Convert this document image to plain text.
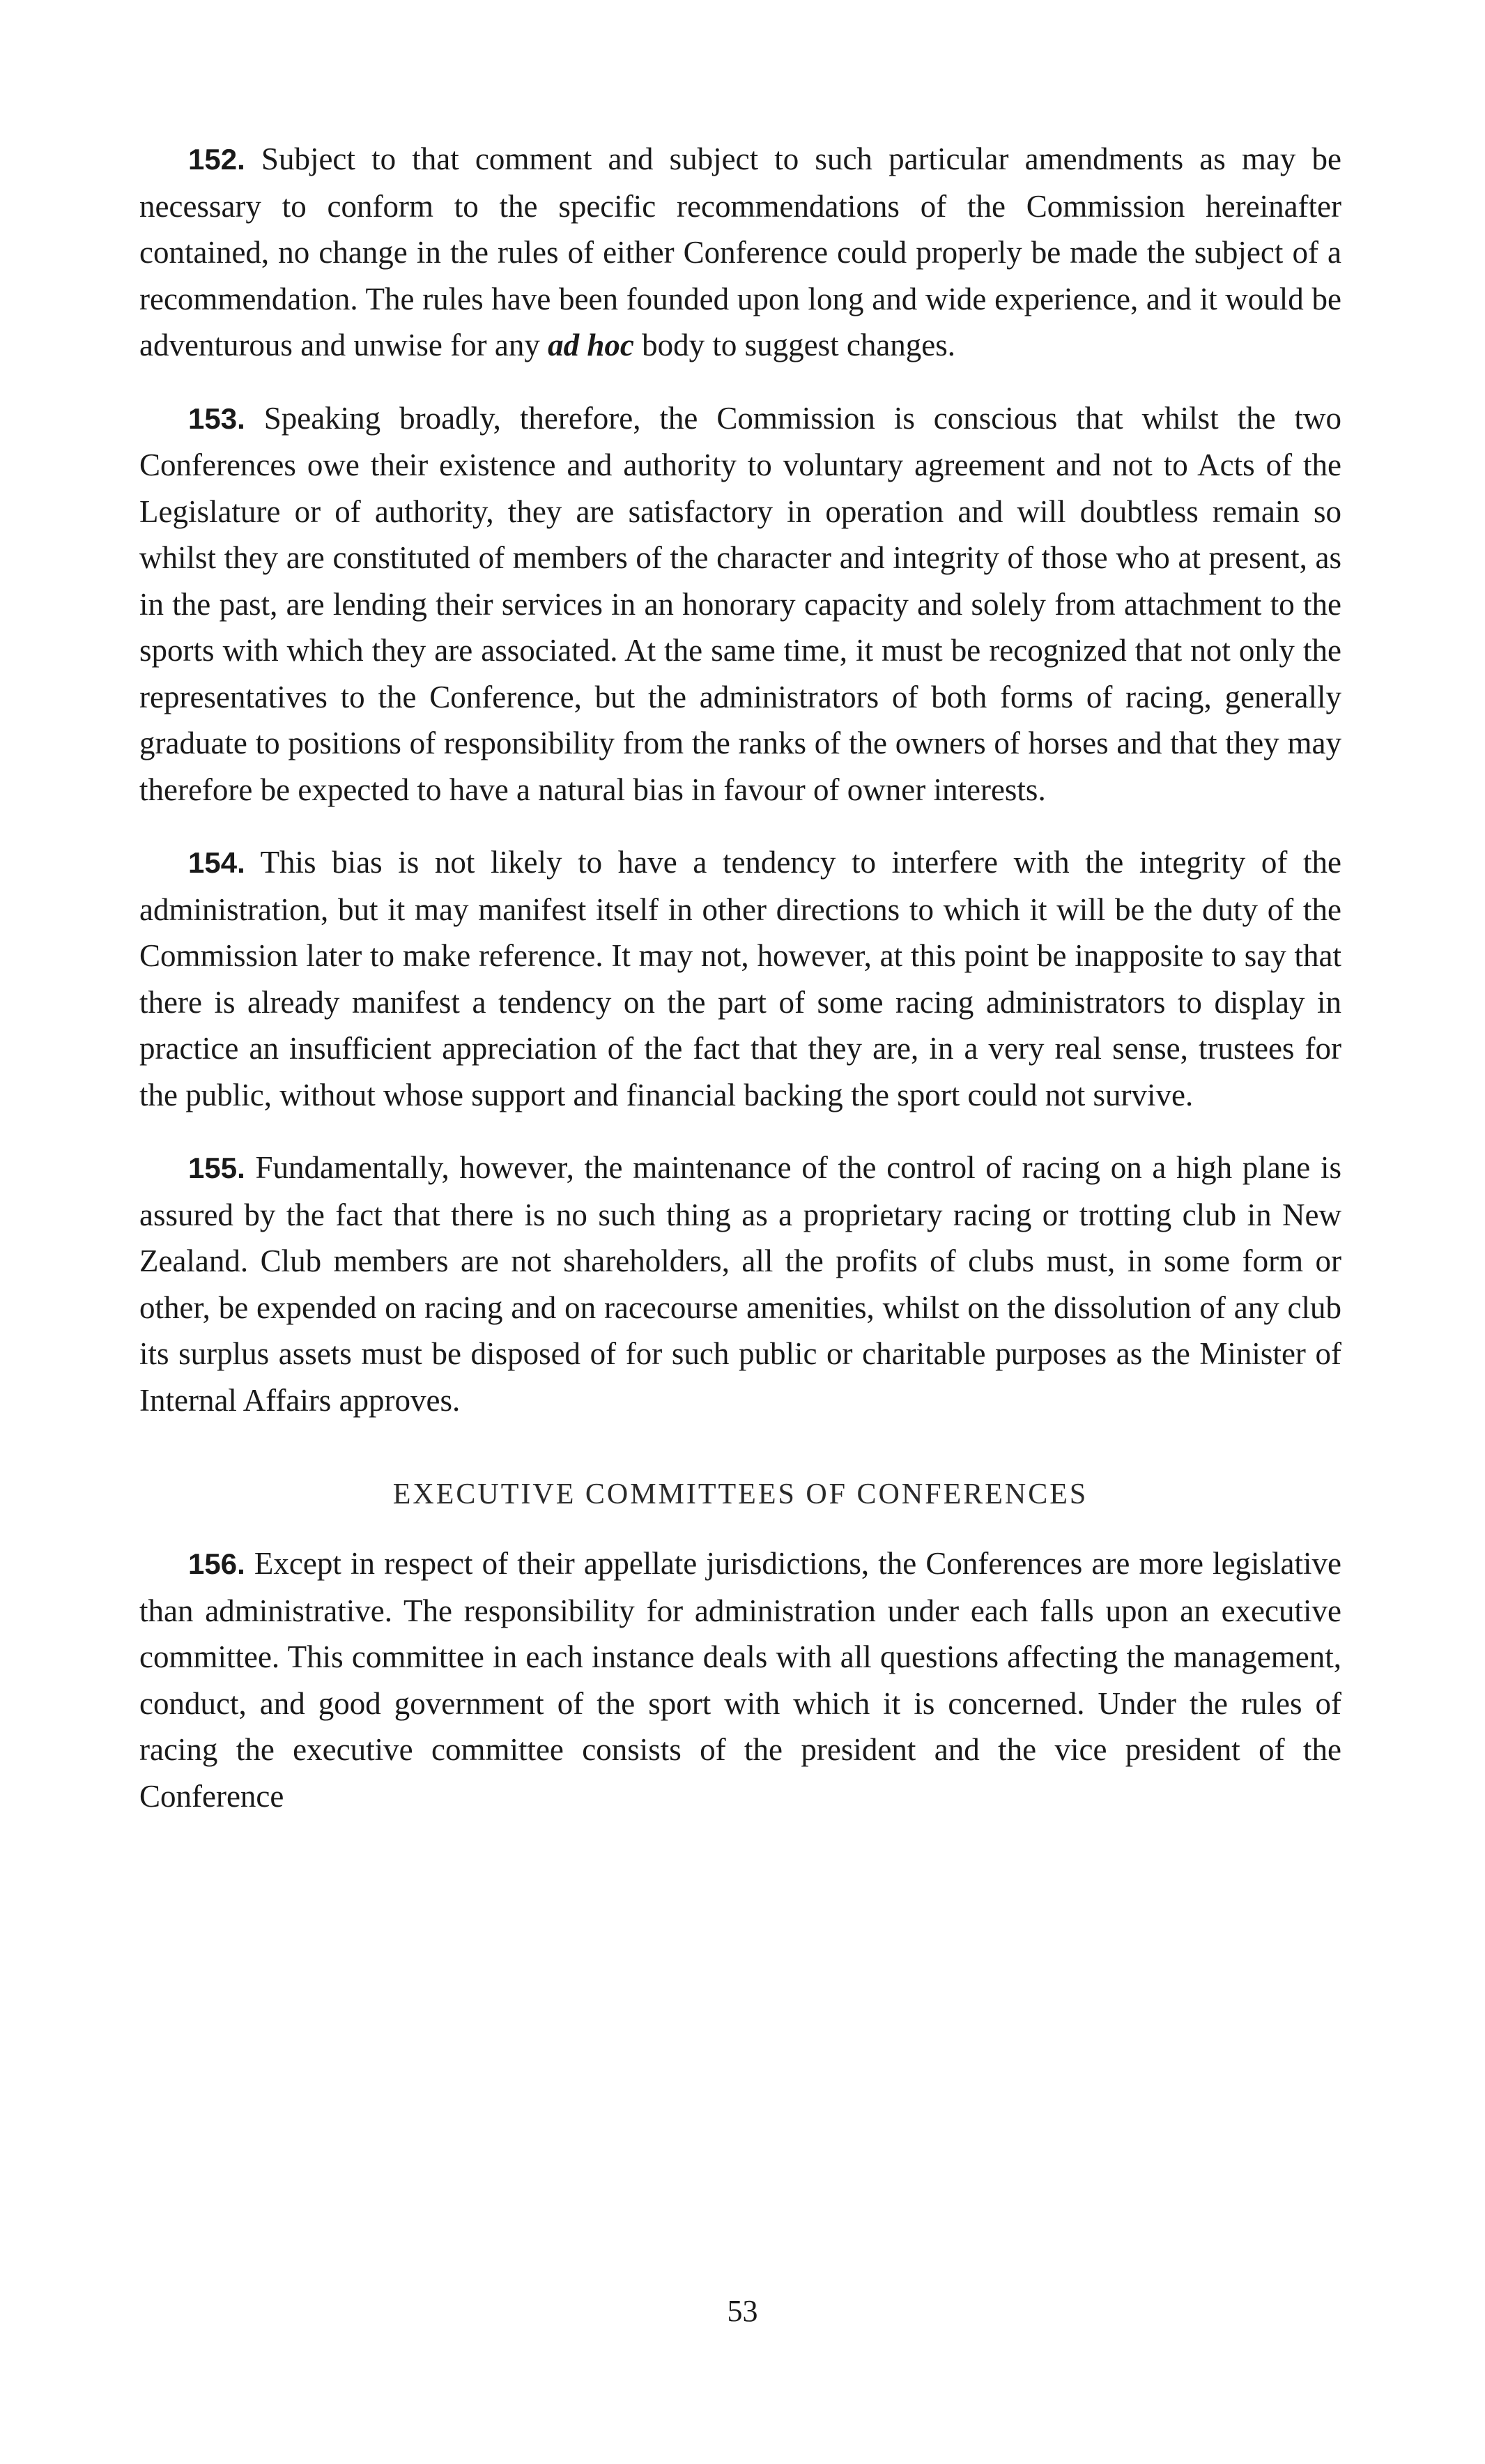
152. Subject to that comment and subject to such particular amendments as may be necessary to conform to the specific recommendations of the Commission hereinafter contained, no change in the rules of either Conference could properly be made the subject of a recommendation. The rules have been founded upon long and wide experience, and it would be adventurous and unwise for any ad hoc body to suggest changes.

153. Speaking broadly, therefore, the Commission is conscious that whilst the two Conferences owe their existence and authority to voluntary agreement and not to Acts of the Legislature or of authority, they are satisfactory in operation and will doubtless remain so whilst they are constituted of members of the character and integrity of those who at present, as in the past, are lending their services in an honorary capacity and solely from attachment to the sports with which they are associated. At the same time, it must be recognized that not only the representatives to the Conference, but the administrators of both forms of racing, generally graduate to positions of responsibility from the ranks of the owners of horses and that they may therefore be expected to have a natural bias in favour of owner interests.

154. This bias is not likely to have a tendency to interfere with the integrity of the administration, but it may manifest itself in other directions to which it will be the duty of the Commission later to make reference. It may not, however, at this point be inapposite to say that there is already manifest a tendency on the part of some racing administrators to display in practice an insufficient appreciation of the fact that they are, in a very real sense, trustees for the public, without whose support and financial backing the sport could not survive.

155. Fundamentally, however, the maintenance of the control of racing on a high plane is assured by the fact that there is no such thing as a proprietary racing or trotting club in New Zealand. Club members are not shareholders, all the profits of clubs must, in some form or other, be expended on racing and on racecourse amenities, whilst on the dissolution of any club its surplus assets must be disposed of for such public or charitable purposes as the Minister of Internal Affairs approves.

EXECUTIVE COMMITTEES OF CONFERENCES

156. Except in respect of their appellate jurisdictions, the Conferences are more legislative than administrative. The responsibility for administration under each falls upon an executive committee. This committee in each instance deals with all questions affecting the management, conduct, and good government of the sport with which it is concerned. Under the rules of racing the executive committee consists of the president and the vice president of the Conference

53
